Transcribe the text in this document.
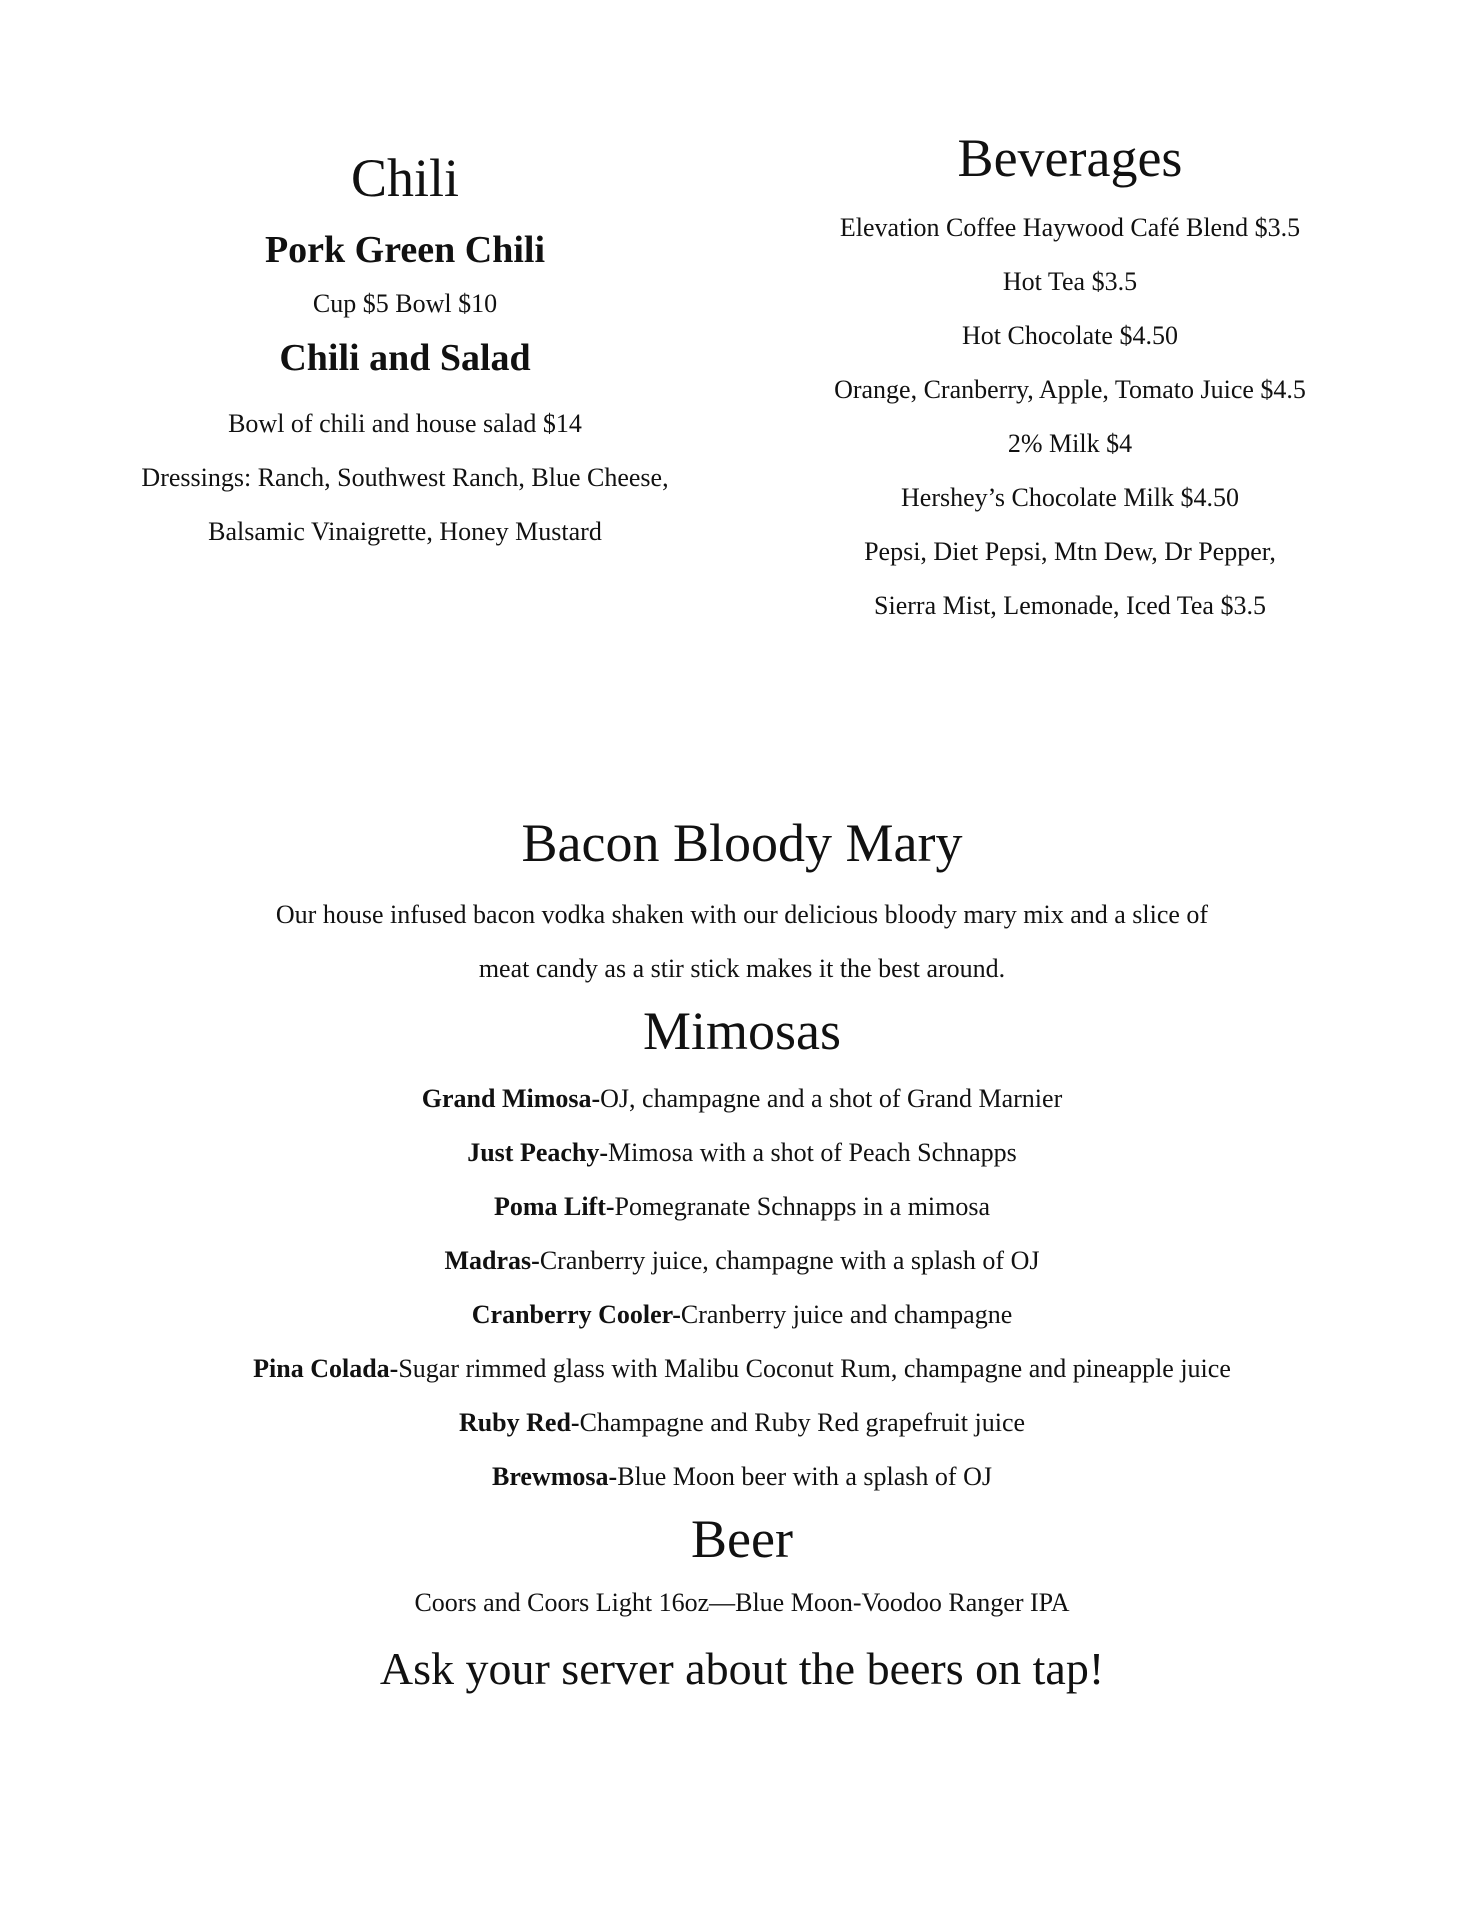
Chili
Pork Green Chili

Cup $5 Bowl $10

Chili and Salad

Bowl of chili and house salad $14

Dressings: Ranch, Southwest Ranch, Blue Cheese,

Balsamic Vinaigrette, Honey Mustard

Beverages

Elevation Coffee Haywood Café Blend $3.5

Hot Tea $3.5

Hot Chocolate $4.50

Orange, Cranberry, Apple, Tomato Juice $4.5

2% Milk $4

Hershey’s Chocolate Milk $4.50

Pepsi, Diet Pepsi, Mtn Dew, Dr Pepper,

Sierra Mist, Lemonade, Iced Tea $3.5

Bacon Bloody Mary

Our house infused bacon vodka shaken with our delicious bloody mary mix and a slice of

meat candy as a stir stick makes it the best around.

Mimosas

Grand Mimosa-OJ, champagne and a shot of Grand Marnier

Just Peachy-Mimosa with a shot of Peach Schnapps

Poma Lift-Pomegranate Schnapps in a mimosa

Madras-Cranberry juice, champagne with a splash of OJ

Cranberry Cooler-Cranberry juice and champagne

Pina Colada-Sugar rimmed glass with Malibu Coconut Rum, champagne and pineapple juice

Ruby Red-Champagne and Ruby Red grapefruit juice

Brewmosa-Blue Moon beer with a splash of OJ

Beer

Coors and Coors Light 16oz—Blue Moon-Voodoo Ranger IPA

Ask your server about the beers on tap!
